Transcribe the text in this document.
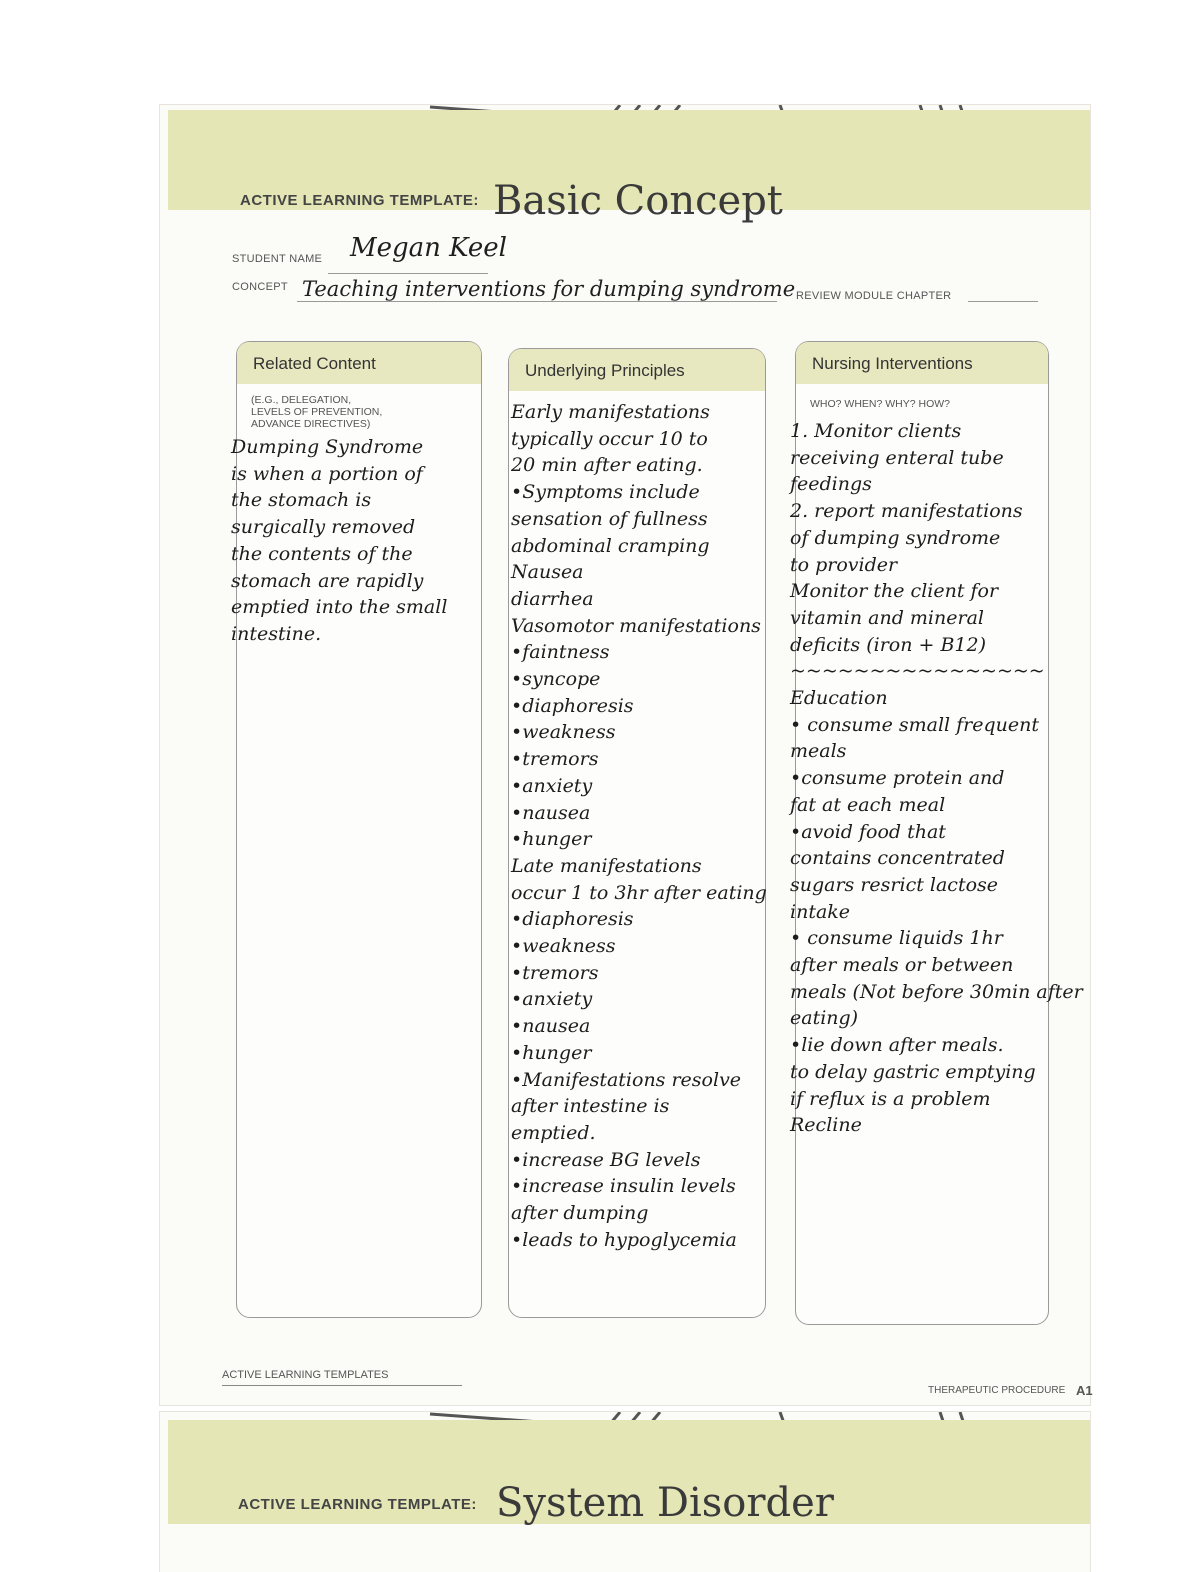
ACTIVE LEARNING TEMPLATE: Basic Concept
STUDENT NAME Megan Keel
CONCEPT Teaching interventions for dumping syndrome REVIEW MODULE CHAPTER
Related Content
(E.G., DELEGATION,
LEVELS OF PREVENTION,
ADVANCE DIRECTIVES)
Dumping Syndrome
is when a portion of
the stomach is
surgically removed
the contents of the
stomach are rapidly
emptied into the small
intestine.
Underlying Principles
Early manifestations
typically occur 10 to
20 min after eating.
•Symptoms include
sensation of fullness
abdominal cramping
Nausea
diarrhea
Vasomotor manifestations
•faintness
•syncope
•diaphoresis
•weakness
•tremors
•anxiety
•nausea
•hunger
Late manifestations
occur 1 to 3hr after eating
•diaphoresis
•weakness
•tremors
•anxiety
•nausea
•hunger
•Manifestations resolve
after intestine is
emptied.
•increase BG levels
•increase insulin levels
after dumping
•leads to hypoglycemia
Nursing Interventions
WHO? WHEN? WHY? HOW?
1. Monitor clients
receiving enteral tube
feedings
2. report manifestations
of dumping syndrome
to provider
Monitor the client for
vitamin and mineral
deficits (iron + B12)
~~~~~~~~~~~~~~~~
Education
• consume small frequent
meals
•consume protein and
fat at each meal
•avoid food that
contains concentrated
sugars resrict lactose
intake
• consume liquids 1hr
after meals or between
meals (Not before 30min after
eating)
•lie down after meals.
to delay gastric emptying
if reflux is a problem
Recline
ACTIVE LEARNING TEMPLATES
THERAPEUTIC PROCEDURE A1
ACTIVE LEARNING TEMPLATE: System Disorder
